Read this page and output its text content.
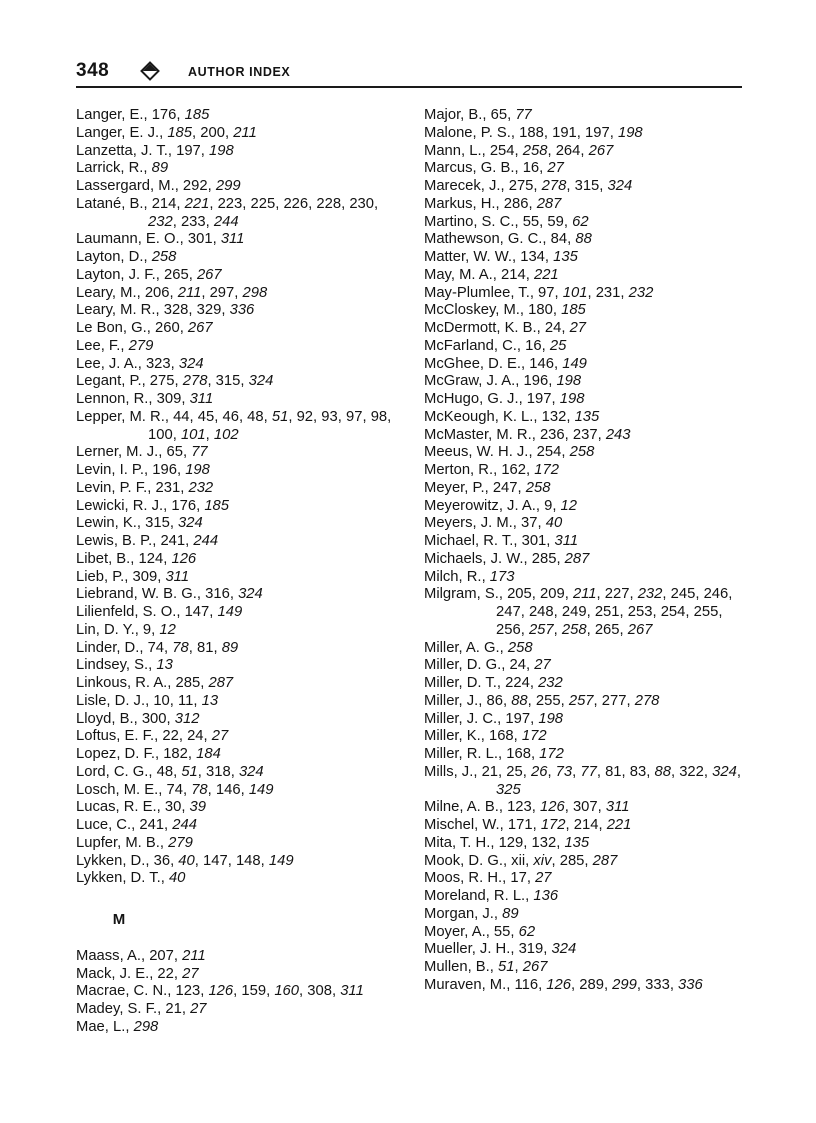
348	AUTHOR INDEX
Langer, E., 176, 185
Langer, E. J., 185, 200, 211
Lanzetta, J. T., 197, 198
Larrick, R., 89
Lassergard, M., 292, 299
Latané, B., 214, 221, 223, 225, 226, 228, 230, 232, 233, 244
Laumann, E. O., 301, 311
Layton, D., 258
Layton, J. F., 265, 267
Leary, M., 206, 211, 297, 298
Leary, M. R., 328, 329, 336
Le Bon, G., 260, 267
Lee, F., 279
Lee, J. A., 323, 324
Legant, P., 275, 278, 315, 324
Lennon, R., 309, 311
Lepper, M. R., 44, 45, 46, 48, 51, 92, 93, 97, 98, 100, 101, 102
Lerner, M. J., 65, 77
Levin, I. P., 196, 198
Levin, P. F., 231, 232
Lewicki, R. J., 176, 185
Lewin, K., 315, 324
Lewis, B. P., 241, 244
Libet, B., 124, 126
Lieb, P., 309, 311
Liebrand, W. B. G., 316, 324
Lilienfeld, S. O., 147, 149
Lin, D. Y., 9, 12
Linder, D., 74, 78, 81, 89
Lindsey, S., 13
Linkous, R. A., 285, 287
Lisle, D. J., 10, 11, 13
Lloyd, B., 300, 312
Loftus, E. F., 22, 24, 27
Lopez, D. F., 182, 184
Lord, C. G., 48, 51, 318, 324
Losch, M. E., 74, 78, 146, 149
Lucas, R. E., 30, 39
Luce, C., 241, 244
Lupfer, M. B., 279
Lykken, D., 36, 40, 147, 148, 149
Lykken, D. T., 40
M
Maass, A., 207, 211
Mack, J. E., 22, 27
Macrae, C. N., 123, 126, 159, 160, 308, 311
Madey, S. F., 21, 27
Mae, L., 298
Major, B., 65, 77
Malone, P. S., 188, 191, 197, 198
Mann, L., 254, 258, 264, 267
Marcus, G. B., 16, 27
Marecek, J., 275, 278, 315, 324
Markus, H., 286, 287
Martino, S. C., 55, 59, 62
Mathewson, G. C., 84, 88
Matter, W. W., 134, 135
May, M. A., 214, 221
May-Plumlee, T., 97, 101, 231, 232
McCloskey, M., 180, 185
McDermott, K. B., 24, 27
McFarland, C., 16, 25
McGhee, D. E., 146, 149
McGraw, J. A., 196, 198
McHugo, G. J., 197, 198
McKeough, K. L., 132, 135
McMaster, M. R., 236, 237, 243
Meeus, W. H. J., 254, 258
Merton, R., 162, 172
Meyer, P., 247, 258
Meyerowitz, J. A., 9, 12
Meyers, J. M., 37, 40
Michael, R. T., 301, 311
Michaels, J. W., 285, 287
Milch, R., 173
Milgram, S., 205, 209, 211, 227, 232, 245, 246, 247, 248, 249, 251, 253, 254, 255, 256, 257, 258, 265, 267
Miller, A. G., 258
Miller, D. G., 24, 27
Miller, D. T., 224, 232
Miller, J., 86, 88, 255, 257, 277, 278
Miller, J. C., 197, 198
Miller, K., 168, 172
Miller, R. L., 168, 172
Mills, J., 21, 25, 26, 73, 77, 81, 83, 88, 322, 324, 325
Milne, A. B., 123, 126, 307, 311
Mischel, W., 171, 172, 214, 221
Mita, T. H., 129, 132, 135
Mook, D. G., xii, xiv, 285, 287
Moos, R. H., 17, 27
Moreland, R. L., 136
Morgan, J., 89
Moyer, A., 55, 62
Mueller, J. H., 319, 324
Mullen, B., 51, 267
Muraven, M., 116, 126, 289, 299, 333, 336
